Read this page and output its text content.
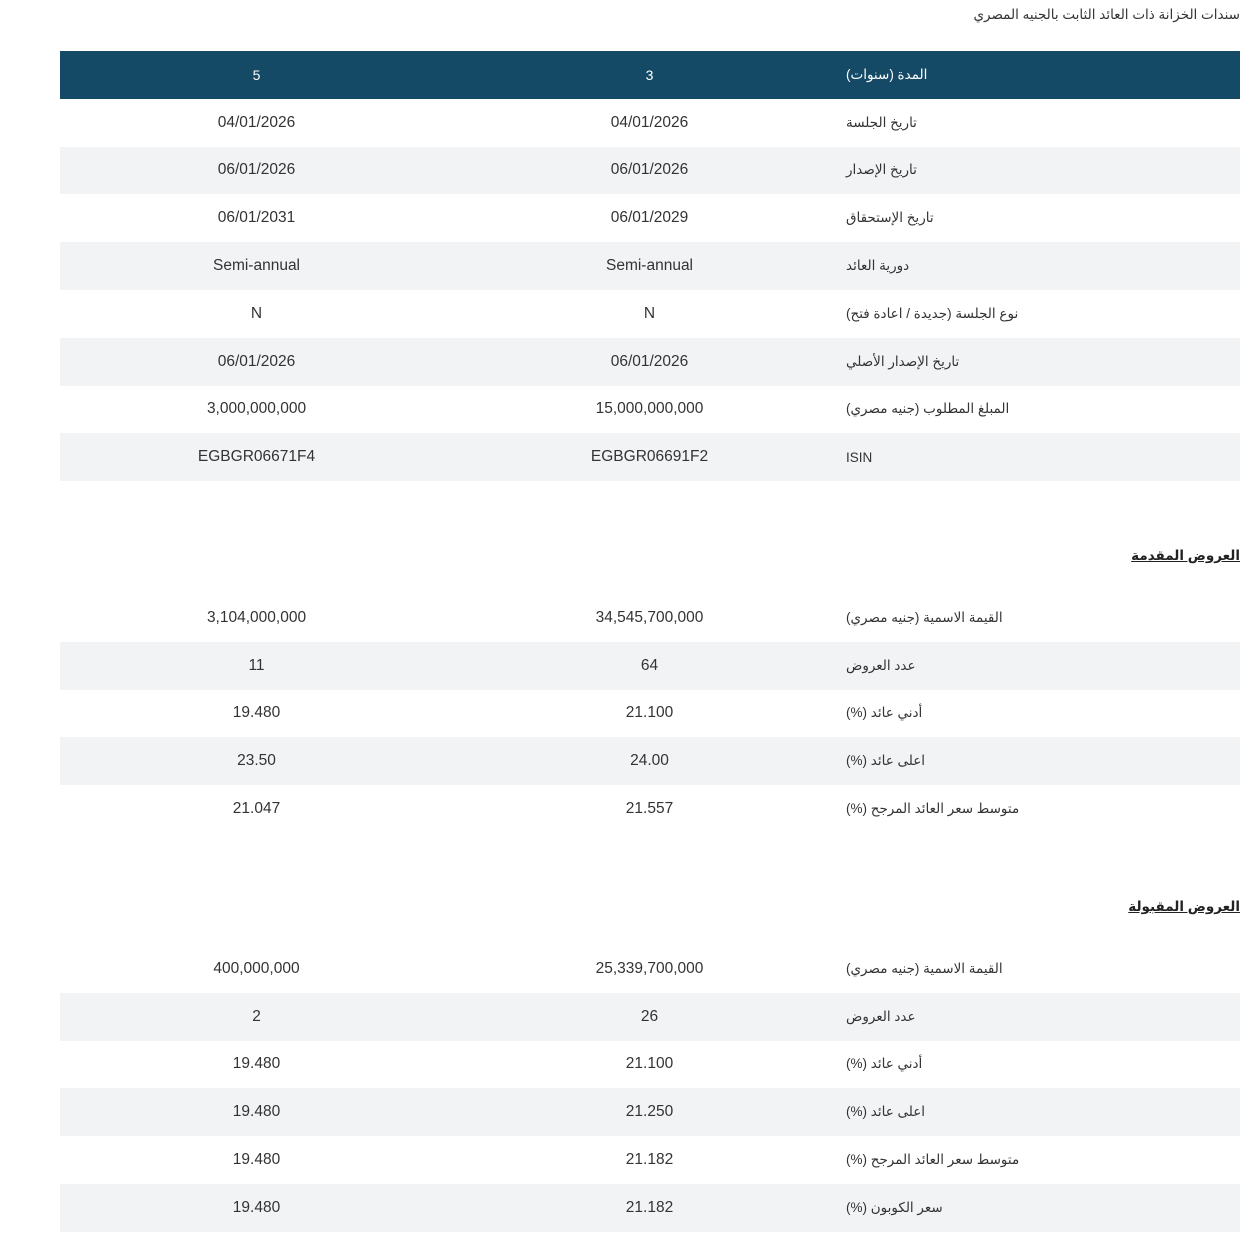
سندات الخزانة ذات العائد الثابت بالجنيه المصري
5	3	المدة (سنوات)
04/01/2026	04/01/2026	تاريخ الجلسة
06/01/2026	06/01/2026	تاريخ الإصدار
06/01/2031	06/01/2029	تاريخ الإستحقاق
Semi-annual	Semi-annual	دورية العائد
N	N	نوع الجلسة (جديدة / اعادة فتح)
06/01/2026	06/01/2026	تاريخ الإصدار الأصلي
3,000,000,000	15,000,000,000	المبلغ المطلوب (جنيه مصري)
EGBGR06671F4	EGBGR06691F2	ISIN
العروض المقدمة
3,104,000,000	34,545,700,000	القيمة الاسمية (جنيه مصري)
11	64	عدد العروض
19.480	21.100	أدني عائد (%)
23.50	24.00	اعلى عائد (%)
21.047	21.557	متوسط سعر العائد المرجح (%)
العروض المقبولة
400,000,000	25,339,700,000	القيمة الاسمية (جنيه مصري)
2	26	عدد العروض
19.480	21.100	أدني عائد (%)
19.480	21.250	اعلى عائد (%)
19.480	21.182	متوسط سعر العائد المرجح (%)
19.480	21.182	سعر الكوبون (%)
